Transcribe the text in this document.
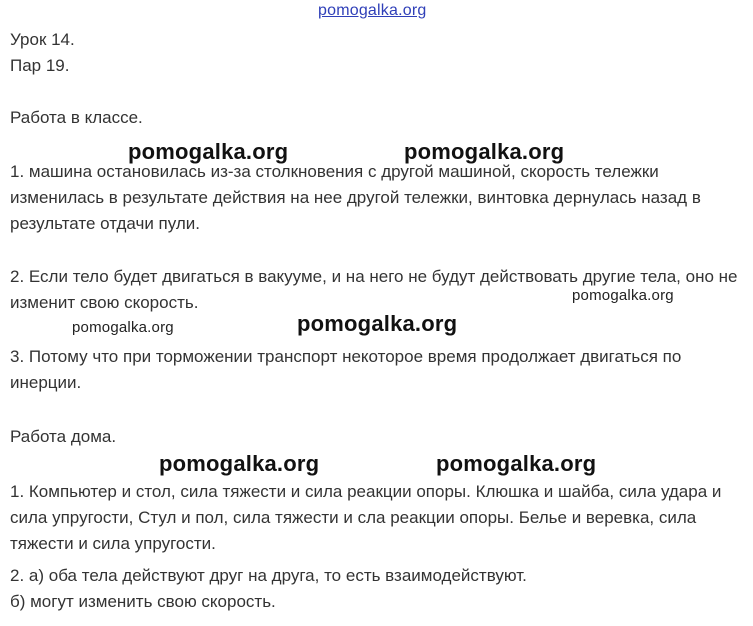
pomogalka.org
pomogalka.org	pomogalka.org
pomogalka.org
pomogalka.org	pomogalka.org
pomogalka.org	pomogalka.org
Урок 14.
Пар 19.
Работа в классе.
1. машина остановилась из-за столкновения с другой машиной, скорость тележки изменилась в результате действия на нее другой тележки, винтовка дернулась назад в результате отдачи пули.
2. Если тело будет двигаться в вакууме, и на него не будут действовать другие тела, оно не изменит свою скорость.
3. Потому что при торможении транспорт некоторое время продолжает двигаться по инерции.
Работа дома.
1. Компьютер и стол, сила тяжести и сила реакции опоры. Клюшка и шайба, сила удара и сила упругости, Стул и пол, сила тяжести и сла реакции опоры. Белье и веревка, сила тяжести и сила упругости.
2. а) оба тела действуют друг на друга, то есть взаимодействуют.
б) могут изменить свою скорость.
